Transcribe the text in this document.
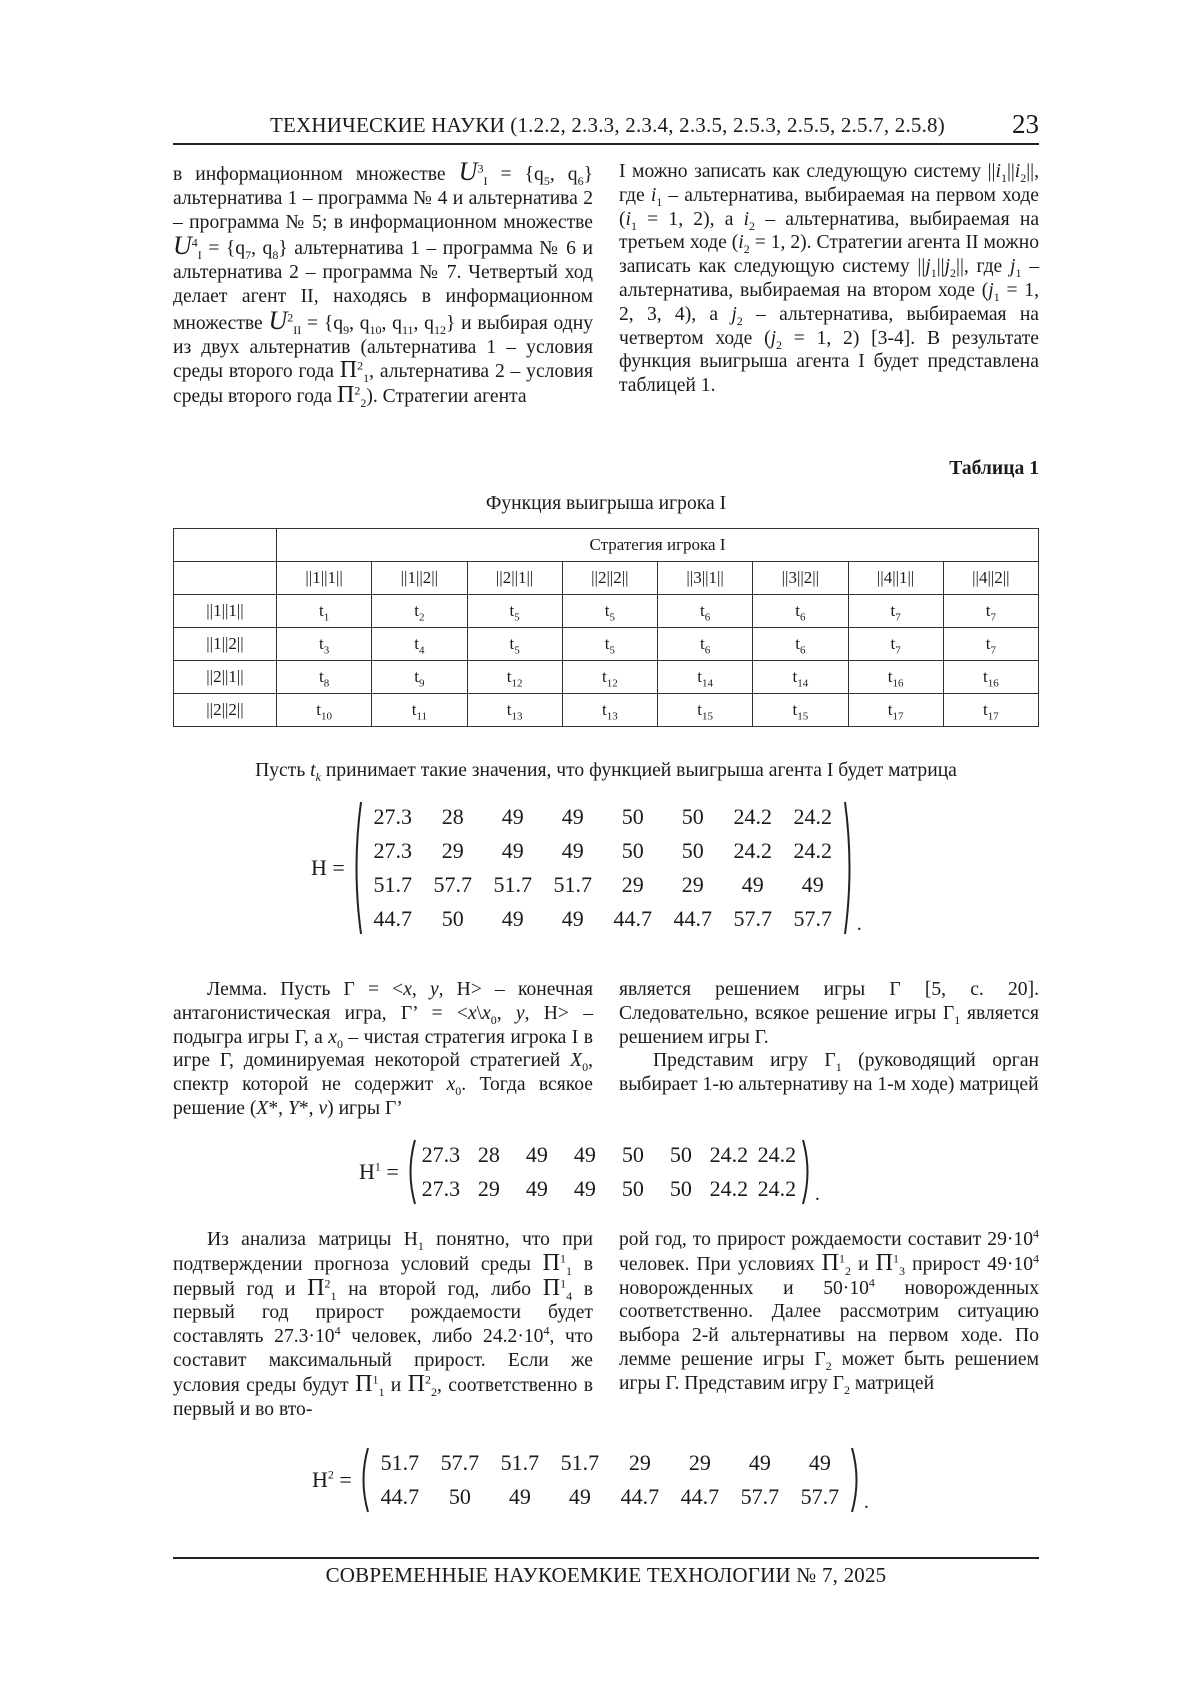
ТЕХНИЧЕСКИЕ НАУКИ (1.2.2, 2.3.3, 2.3.4, 2.3.5, 2.5.3, 2.5.5, 2.5.7, 2.5.8) 23

в информационном множестве $U^3_I = \{q_5$, $q_6$} альтернатива 1 – программа № 4 и альтернатива 2 – программа № 5; в информационном множестве $U^4_I = \{q_7$, $q_8$} альтернатива 1 – программа № 6 и альтернатива 2 – программа № 7. Четвертый ход делает агент II, находясь в информационном множестве $U^2_{II} = \{q_9$, $q_{10}$, $q_{11}$, $q_{12}$} и выбирая одну из двух альтернатив (альтернатива 1 – условия среды второго года $П^2_1$, альтернатива 2 – условия среды второго года $П^2_2$). Стратегии агента

I можно записать как следующую систему $||i_1||i_2||$, где $i_1$ – альтернатива, выбираемая на первом ходе ($i_1 = 1$, 2), а $i_2$ – альтернатива, выбираемая на третьем ходе ($i_2 = 1$, 2). Стратегии агента II можно записать как следующую систему $||j_1||j_2||$, где $j_1$ – альтернатива, выбираемая на втором ходе ($j_1 = 1$, 2, 3, 4), а $j_2$ – альтернатива, выбираемая на четвертом ходе ($j_2 = 1$, 2) [3-4]. В результате функция выигрыша агента I будет представлена таблицей 1.

Таблица 1
Функция выигрыша игрока I
	Стратегия игрока I							
	||1||1||	||1||2||	||2||1||	||2||2||	||3||1||	||3||2||	||4||1||	||4||2||
||1||1||	$t_1$	$t_2$	$t_5$	$t_5$	$t_6$	$t_6$	$t_7$	$t_7$
||1||2||	$t_3$	$t_4$	$t_5$	$t_5$	$t_6$	$t_6$	$t_7$	$t_7$
||2||1||	$t_8$	$t_9$	$t_{12}$	$t_{12}$	$t_{14}$	$t_{14}$	$t_{16}$	$t_{16}$
||2||2||	$t_{10}$	$t_{11}$	$t_{13}$	$t_{13}$	$t_{15}$	$t_{15}$	$t_{17}$	$t_{17}$
Пусть $t_k$ принимает такие значения, что функцией выигрыша агента I будет матрица
H =
27.3	28	49	49	50	50	24.2 24.2
27.3	29	49	49	50	50	24.2 24.2
51.7 57.7 51.7 51.7	29	29	49	49
44.7	50	49	49	44.7 44.7 57.7 57.7	.

Лемма. Пусть Г = <x, y, H> – конечная антагонистическая игра, Г’ = $<x\backslash x_0$, y, H> – подыгра игры Г, а $x_0$ – чистая стратегия игрока I в игре Г, доминируемая некоторой стратегией $X_0$, спектр которой не содержит $x_0$. Тогда всякое решение (X*, Y*, v) игры Г’

является решением игры Г [5, с. 20]. Следовательно, всякое решение игры $Г_1$ является решением игры Г.

Представим игру $Г_1$ (руководящий орган выбирает 1-ю альтернативу на 1-м ходе) матрицей

$H^1$ =
27.3 28	49	49	50	50 24.2 24.2
27.3 29	49	49	50	50 24.2 24.2 .

Из анализа матрицы $H_1$ понятно, что при подтверждении прогноза условий среды $П^1_1$ в первый год и $П^2_1$ на второй год, либо $П^1_4$ в первый год прирост рождаемости будет составлять $27.3\cdot 10^4$ человек, либо $24.2\cdot 10^4$, что составит максимальный прирост. Если же условия среды будут $П^1_1$ и $П^2_2$, соответственно в первый и во вто-

рой год, то прирост рождаемости составит $29\cdot 10^4$ человек. При условиях $П^1_2$ и $П^1_3$ прирост $49\cdot 10^4$ новорожденных и $50\cdot 10^4$ новорожденных соответственно. Далее рассмотрим ситуацию выбора 2-й альтернативы на первом ходе. По лемме решение игры $Г_2$ может быть решением игры Г. Представим игру $Г_2$ матрицей

$H^2$ =
51.7 57.7 51.7 51.7	29	29	49	49
44.7	50	49	49	44.7 44.7 57.7 57.7	.
СОВРЕМЕННЫЕ НАУКОЕМКИЕ ТЕХНОЛОГИИ № 7, 2025
